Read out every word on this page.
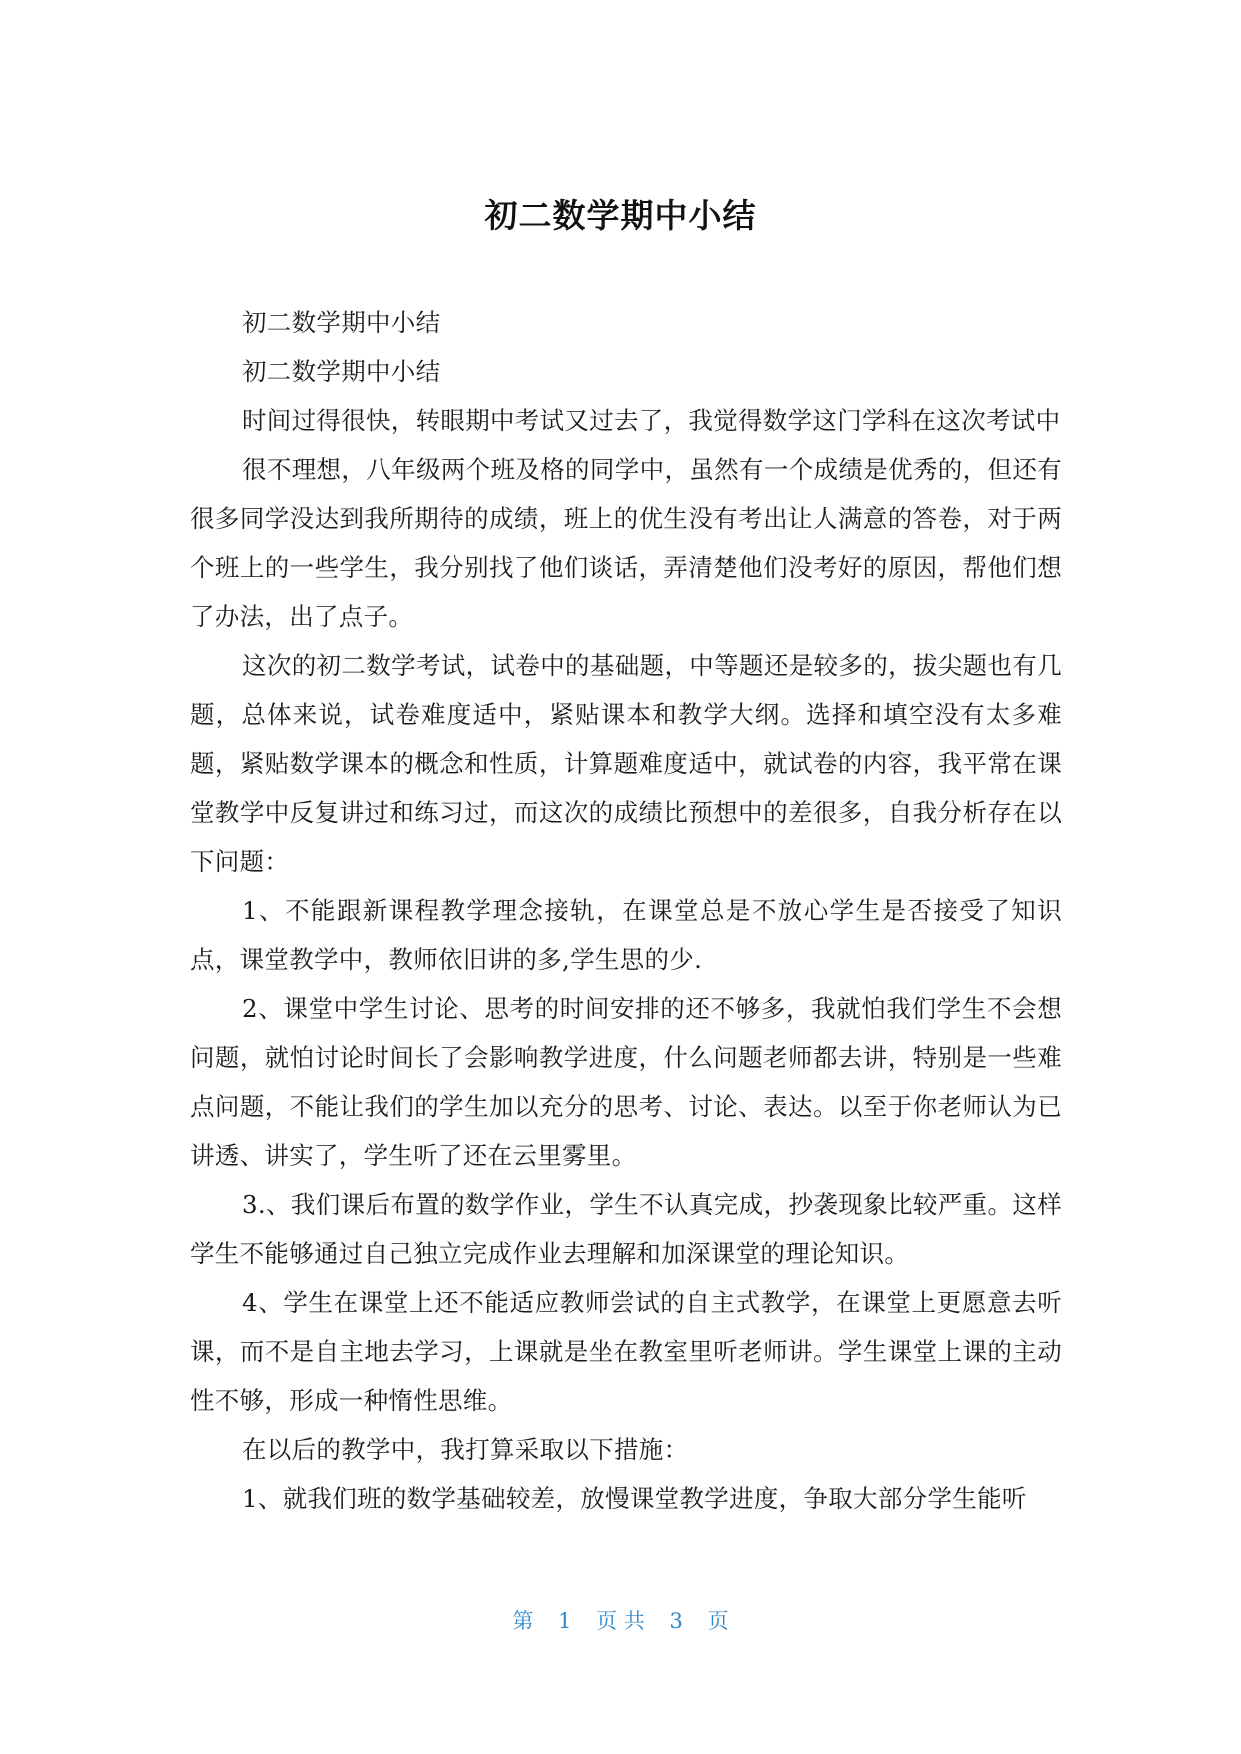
初二数学期中小结

初二数学期中小结

初二数学期中小结

时间过得很快，转眼期中考试又过去了，我觉得数学这门学科在这次考试中

很不理想，八年级两个班及格的同学中，虽然有一个成绩是优秀的，但还有很多同学没达到我所期待的成绩，班上的优生没有考出让人满意的答卷，对于两个班上的一些学生，我分别找了他们谈话，弄清楚他们没考好的原因，帮他们想了办法，出了点子。

这次的初二数学考试，试卷中的基础题，中等题还是较多的，拔尖题也有几题，总体来说，试卷难度适中，紧贴课本和教学大纲。选择和填空没有太多难题，紧贴数学课本的概念和性质，计算题难度适中，就试卷的内容，我平常在课堂教学中反复讲过和练习过，而这次的成绩比预想中的差很多，自我分析存在以下问题：

1、不能跟新课程教学理念接轨，在课堂总是不放心学生是否接受了知识点，课堂教学中，教师依旧讲的多,学生思的少.

2、课堂中学生讨论、思考的时间安排的还不够多，我就怕我们学生不会想问题，就怕讨论时间长了会影响教学进度，什么问题老师都去讲，特别是一些难点问题，不能让我们的学生加以充分的思考、讨论、表达。以至于你老师认为已讲透、讲实了，学生听了还在云里雾里。

3.、我们课后布置的数学作业，学生不认真完成，抄袭现象比较严重。这样学生不能够通过自己独立完成作业去理解和加深课堂的理论知识。

4、学生在课堂上还不能适应教师尝试的自主式教学，在课堂上更愿意去听课，而不是自主地去学习，上课就是坐在教室里听老师讲。学生课堂上课的主动性不够，形成一种惰性思维。

在以后的教学中，我打算采取以下措施：

1、就我们班的数学基础较差，放慢课堂教学进度，争取大部分学生能听

第 1 页 共 3 页
